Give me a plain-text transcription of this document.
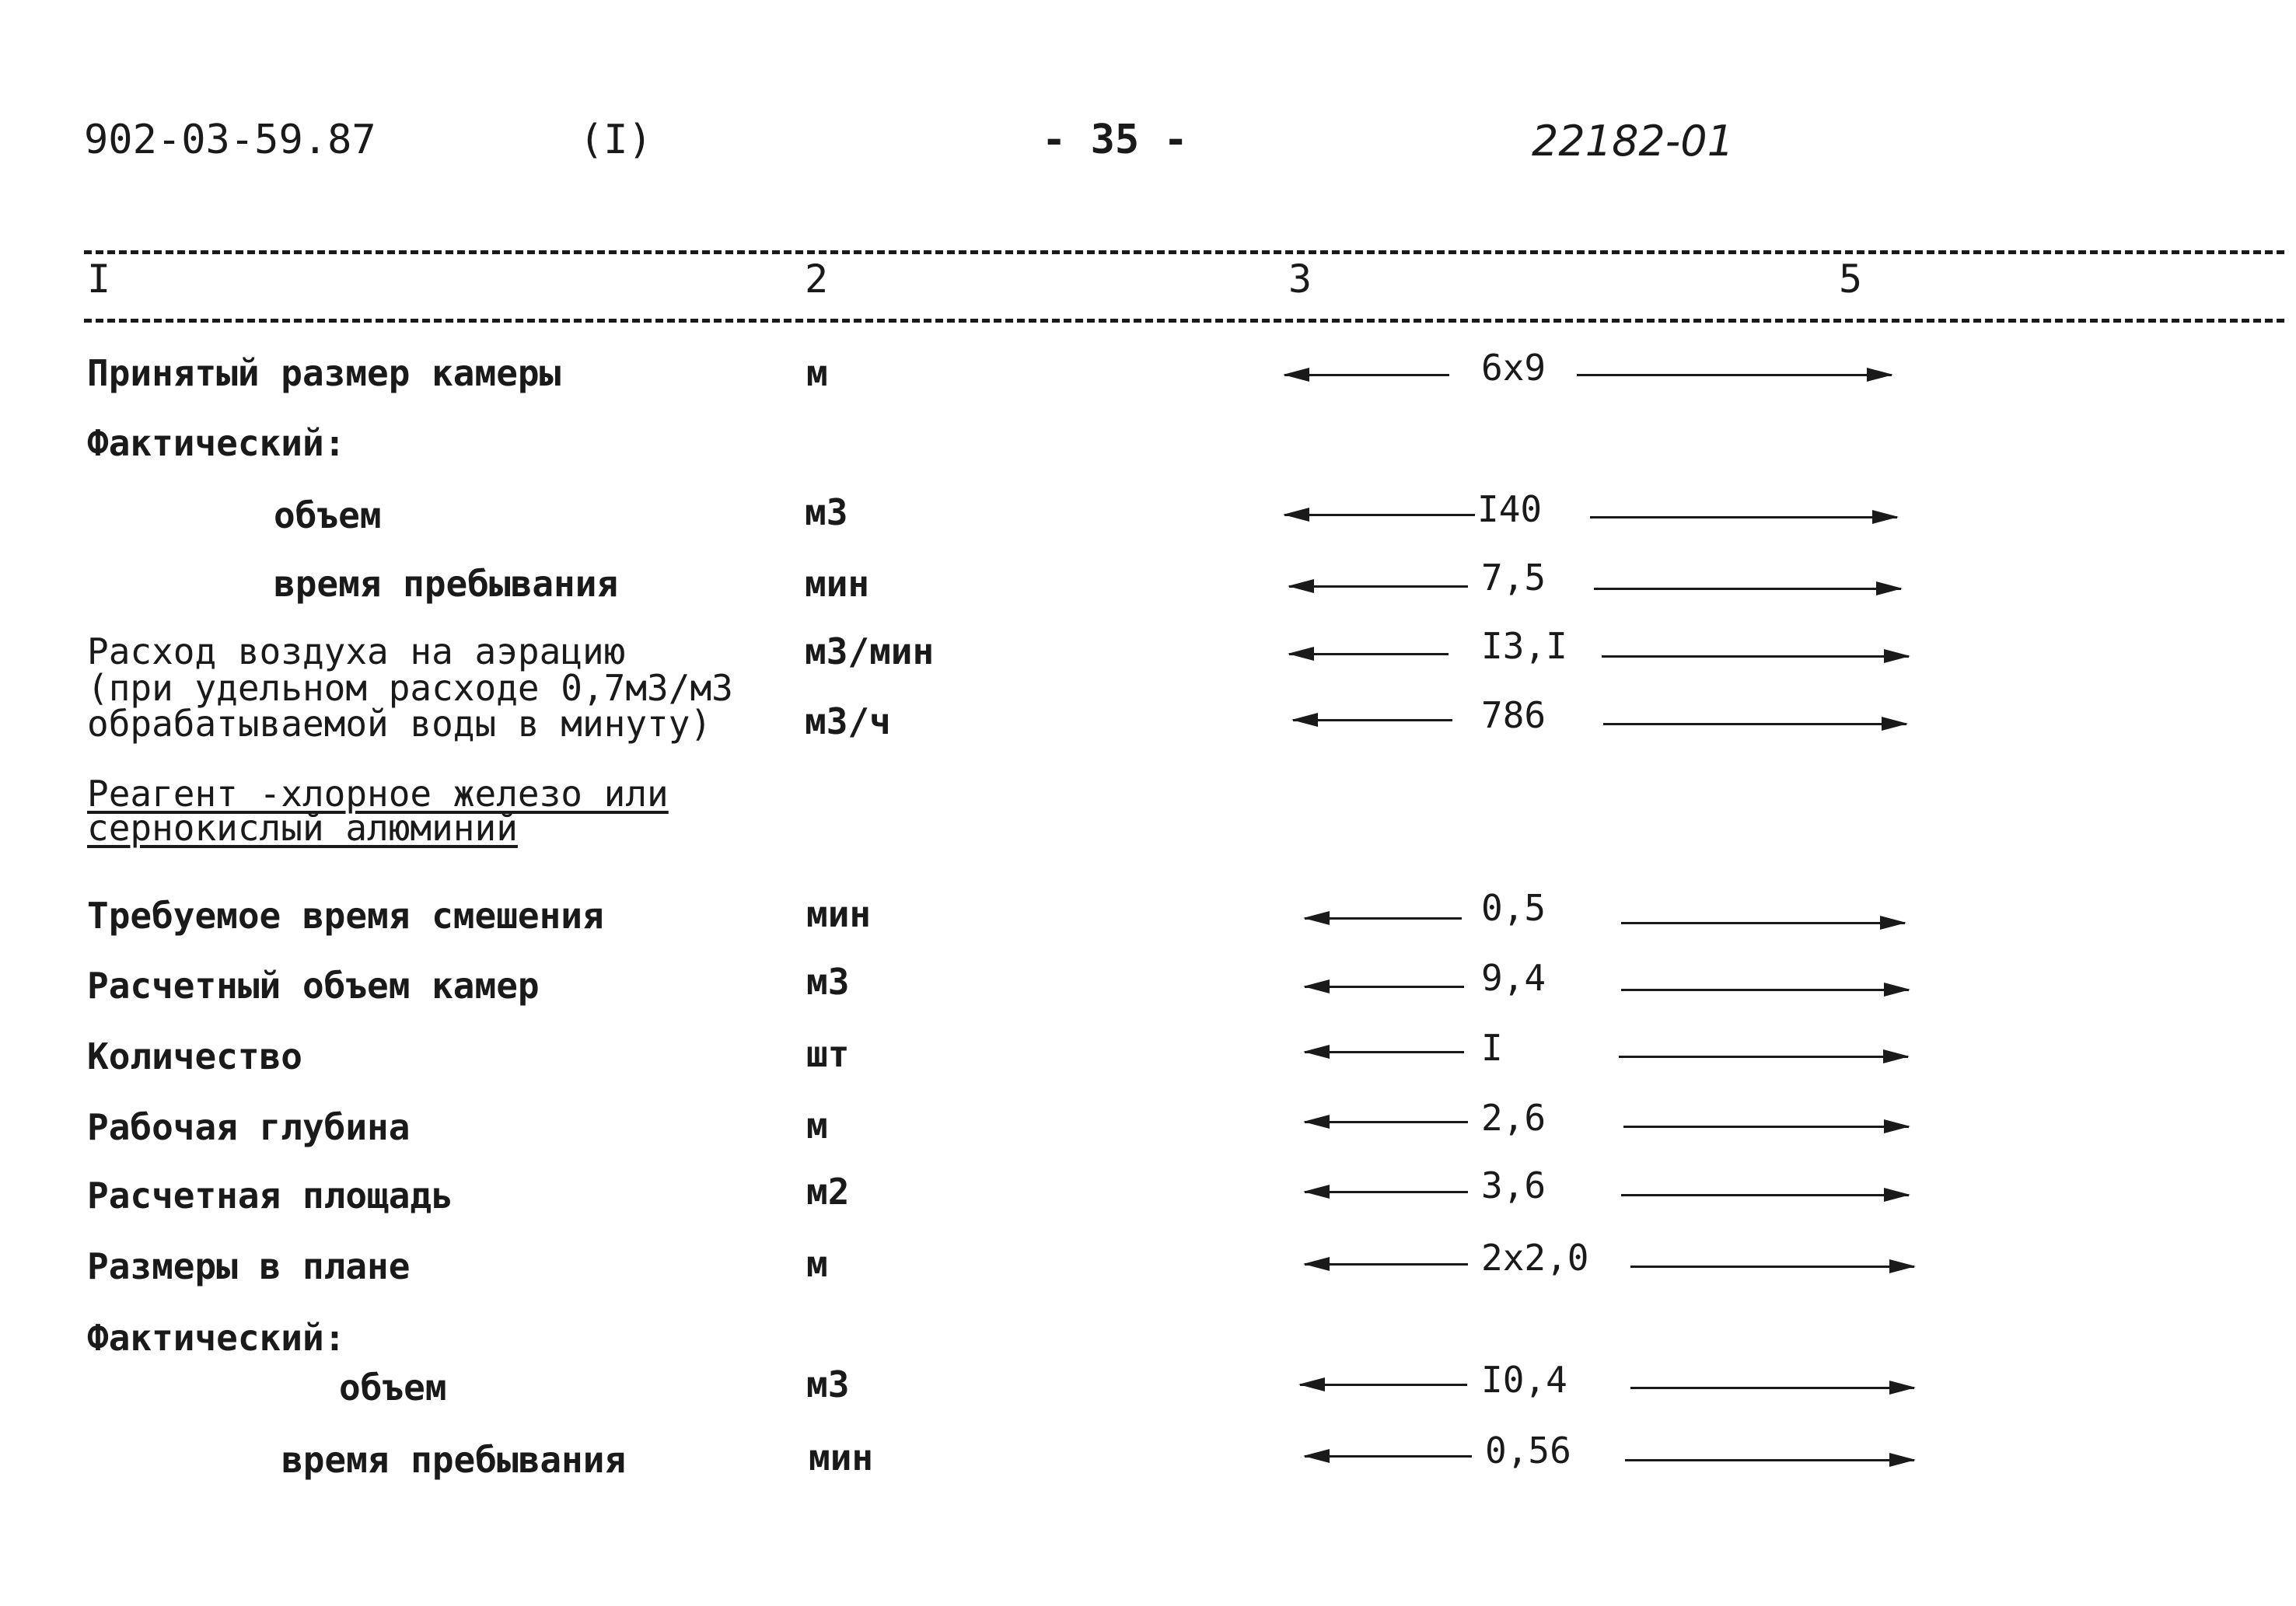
902-03-59.87	(I)	- 35 -	22182-01
I	2	3	5
Принятый размер камеры	м	6x9
Фактический:
объем	м3	I40
время пребывания	мин	7,5
Расход воздуха на аэрацию	м3/мин	I3,I
(при удельном расходе 0,7м3/м3
обрабатываемой воды в минуту)	м3/ч	786
Реагент -хлорное железо или
сернокислый алюминий
Требуемое время смешения	мин	0,5
Расчетный объем камер	м3	9,4
Количество	шт	I
Рабочая глубина	м	2,6
Расчетная площадь	м2	3,6
Размеры в плане	м	2x2,0
Фактический:
объем	м3	I0,4
время пребывания	мин	0,56
